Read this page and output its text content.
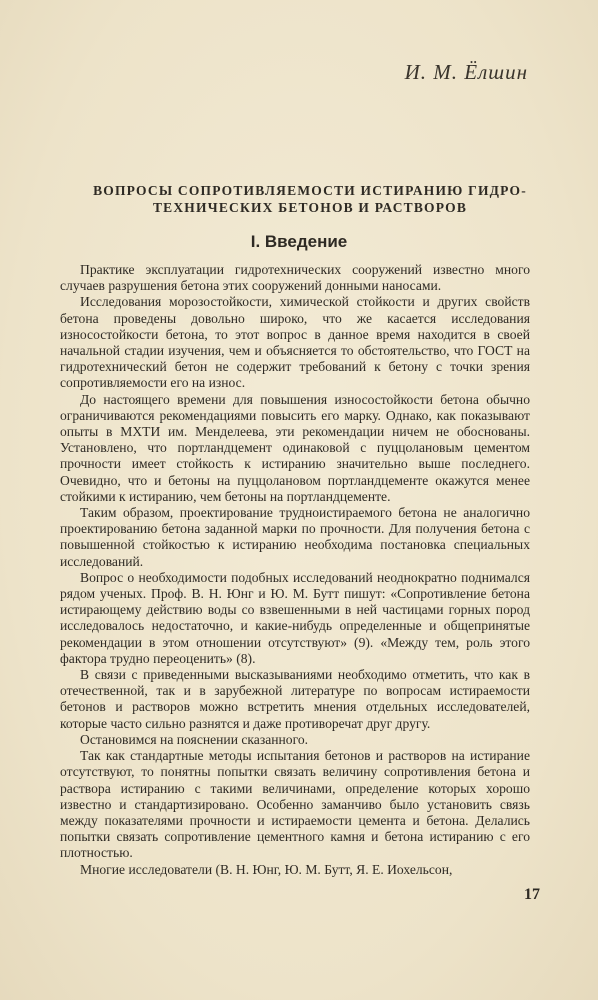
И. М. Ёлшин
ВОПРОСЫ СОПРОТИВЛЯЕМОСТИ ИСТИРАНИЮ ГИДРО-
ТЕХНИЧЕСКИХ БЕТОНОВ И РАСТВОРОВ
I. Введение

Практике эксплуатации гидротехнических сооружений известно много случаев разрушения бетона этих сооружений донными наносами.

Исследования морозостойкости, химической стойкости и других свойств бетона проведены довольно широко, что же касается исследования износостойкости бетона, то этот вопрос в данное время находится в своей начальной стадии изучения, чем и объясняется то обстоятельство, что ГОСТ на гидротехнический бетон не содержит требований к бетону с точки зрения сопротивляемости его на износ.

До настоящего времени для повышения износостойкости бетона обычно ограничиваются рекомендациями повысить его марку. Однако, как показывают опыты в МХТИ им. Менделеева, эти рекомендации ничем не обоснованы. Установлено, что портландцемент одинаковой с пуццолановым цементом прочности имеет стойкость к истиранию значительно выше последнего. Очевидно, что и бетоны на пуццолановом портландцементе окажутся менее стойкими к истиранию, чем бетоны на портландцементе.

Таким образом, проектирование трудноистираемого бетона не аналогично проектированию бетона заданной марки по прочности. Для получения бетона с повышенной стойкостью к истиранию необходима постановка специальных исследований.

Вопрос о необходимости подобных исследований неоднократно поднимался рядом ученых. Проф. В. Н. Юнг и Ю. М. Бутт пишут: «Сопротивление бетона истирающему действию воды со взвешенными в ней частицами горных пород исследовалось недостаточно, и какие-нибудь определенные и общепринятые рекомендации в этом отношении отсутствуют» (9). «Между тем, роль этого фактора трудно переоценить» (8).

В связи с приведенными высказываниями необходимо отметить, что как в отечественной, так и в зарубежной литературе по вопросам истираемости бетонов и растворов можно встретить мнения отдельных исследователей, которые часто сильно разнятся и даже противоречат друг другу.

Остановимся на пояснении сказанного.

Так как стандартные методы испытания бетонов и растворов на истирание отсутствуют, то понятны попытки связать величину сопротивления бетона и раствора истиранию с такими величинами, определение которых хорошо известно и стандартизировано. Особенно заманчиво было установить связь между показателями прочности и истираемости цемента и бетона. Делались попытки связать сопротивление цементного камня и бетона истиранию с его плотностью.

Многие исследователи (В. Н. Юнг, Ю. М. Бутт, Я. Е. Иохельсон,

17
